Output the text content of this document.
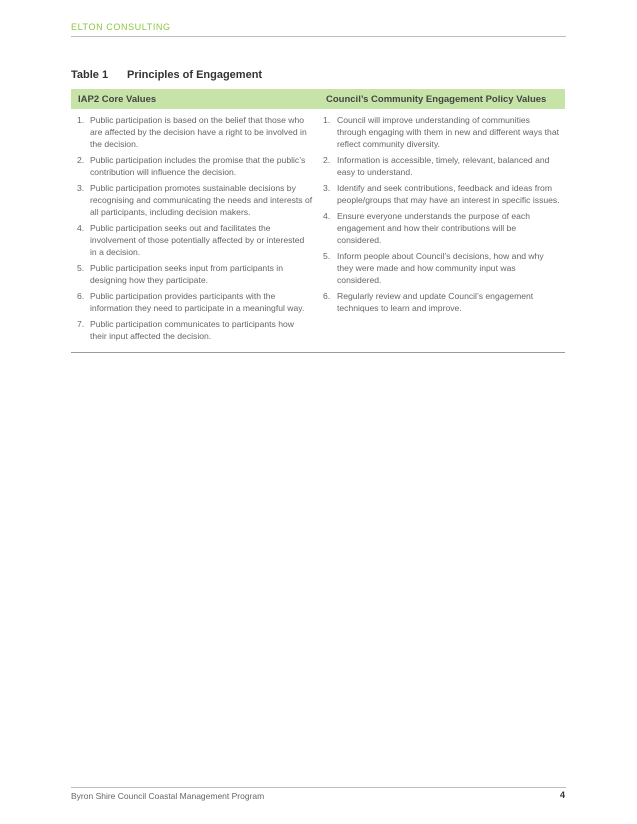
ELTON CONSULTING
Table 1 Principles of Engagement
IAP2 Core Values	Council’s Community Engagement Policy Values
1. Public participation is based on the belief that those who are affected by the decision have a right to be involved in the decision.
2. Public participation includes the promise that the public’s contribution will influence the decision.
3. Public participation promotes sustainable decisions by recognising and communicating the needs and interests of all participants, including decision makers.
4. Public participation seeks out and facilitates the involvement of those potentially affected by or interested in a decision.
5. Public participation seeks input from participants in designing how they participate.
6. Public participation provides participants with the information they need to participate in a meaningful way.
7. Public participation communicates to participants how their input affected the decision.
1. Council will improve understanding of communities through engaging with them in new and different ways that reflect community diversity.
2. Information is accessible, timely, relevant, balanced and easy to understand.
3. Identify and seek contributions, feedback and ideas from people/groups that may have an interest in specific issues.
4. Ensure everyone understands the purpose of each engagement and how their contributions will be considered.
5. Inform people about Council’s decisions, how and why they were made and how community input was considered.
6. Regularly review and update Council’s engagement techniques to learn and improve.
Byron Shire Council Coastal Management Program	4
